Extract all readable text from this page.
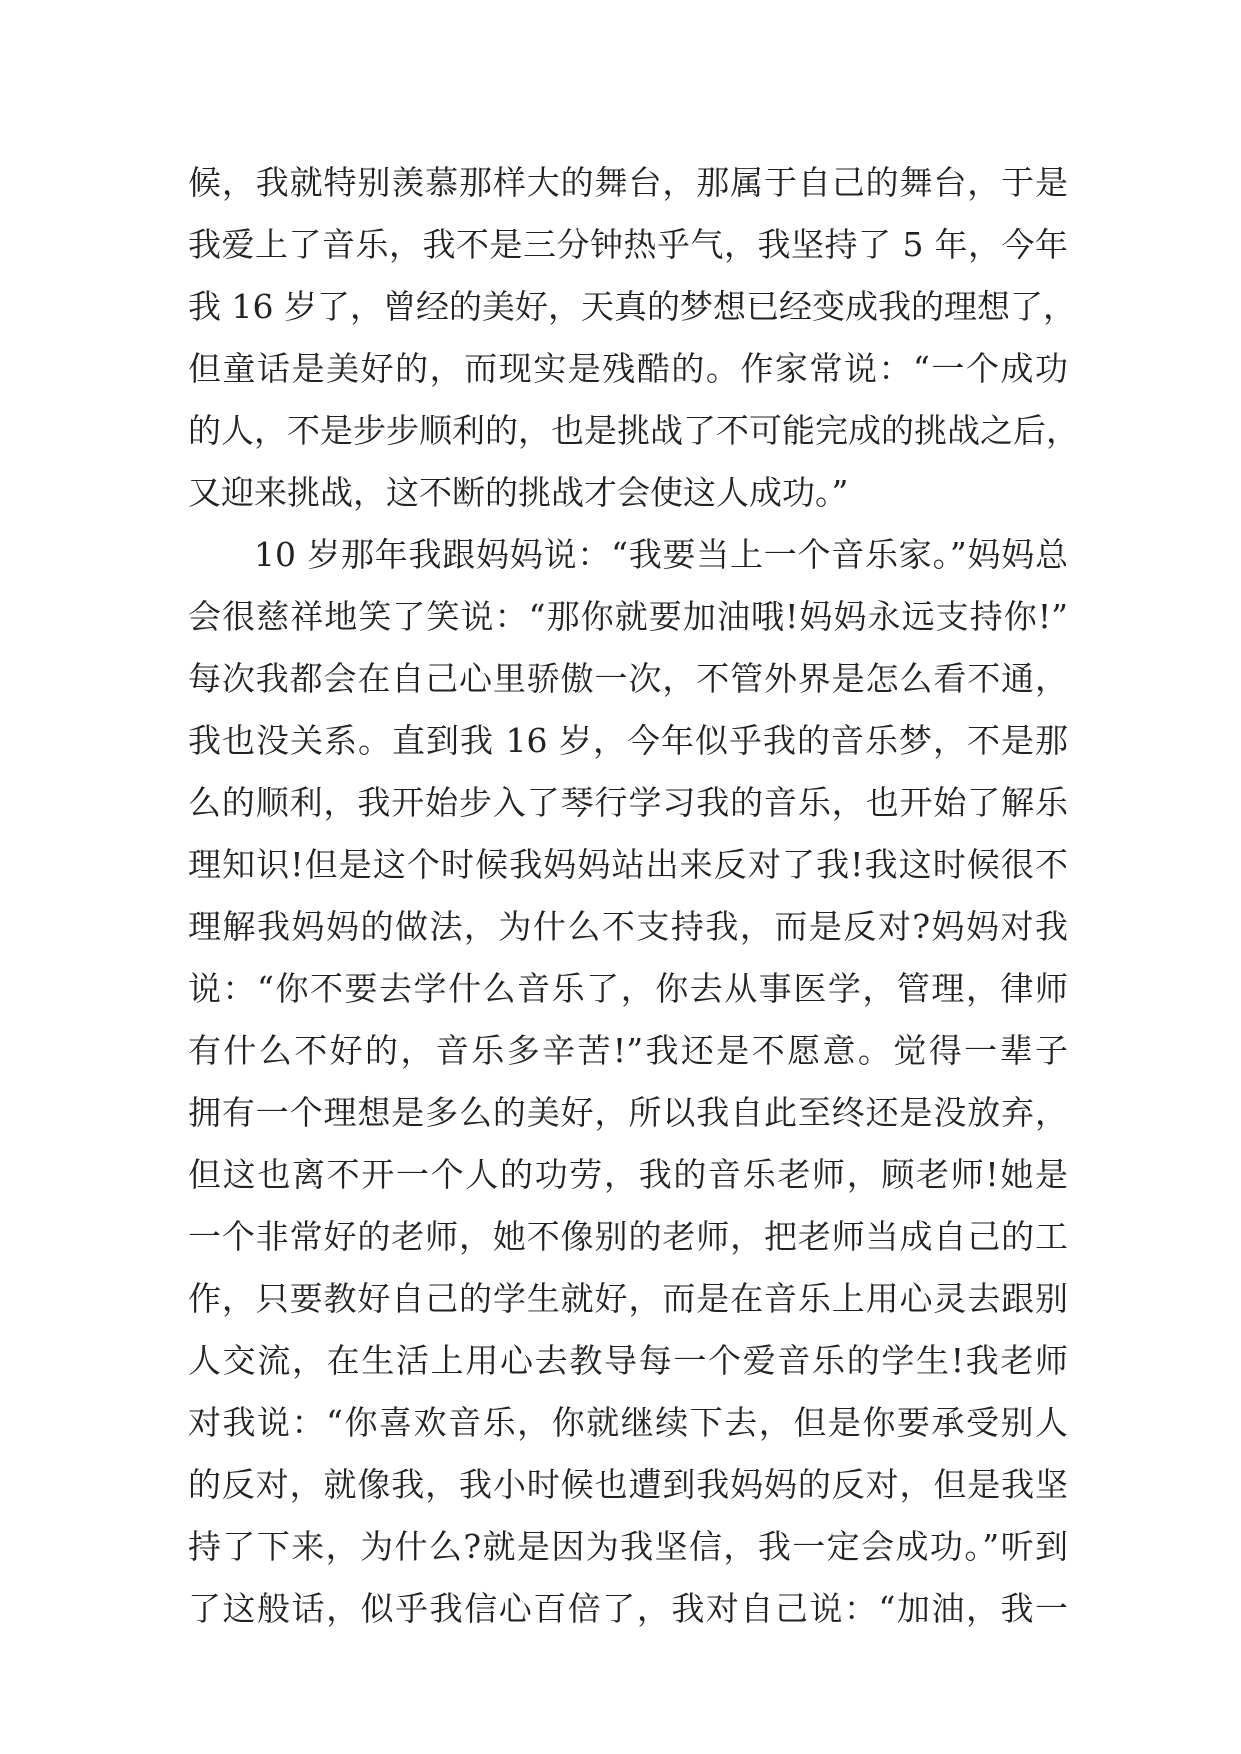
候，我就特别羡慕那样大的舞台，那属于自己的舞台，于是
我爱上了音乐，我不是三分钟热乎气，我坚持了 5 年，今年
我 16 岁了，曾经的美好，天真的梦想已经变成我的理想了，
但童话是美好的，而现实是残酷的。作家常说：“一个成功
的人，不是步步顺利的，也是挑战了不可能完成的挑战之后，
又迎来挑战，这不断的挑战才会使这人成功。”
10 岁那年我跟妈妈说：“我要当上一个音乐家。”妈妈总
会很慈祥地笑了笑说：“那你就要加油哦!妈妈永远支持你!”
每次我都会在自己心里骄傲一次，不管外界是怎么看不通，
我也没关系。直到我 16 岁，今年似乎我的音乐梦，不是那
么的顺利，我开始步入了琴行学习我的音乐，也开始了解乐
理知识!但是这个时候我妈妈站出来反对了我!我这时候很不
理解我妈妈的做法，为什么不支持我，而是反对?妈妈对我
说：“你不要去学什么音乐了，你去从事医学，管理，律师
有什么不好的，音乐多辛苦!”我还是不愿意。觉得一辈子
拥有一个理想是多么的美好，所以我自此至终还是没放弃，
但这也离不开一个人的功劳，我的音乐老师，顾老师!她是
一个非常好的老师，她不像别的老师，把老师当成自己的工
作，只要教好自己的学生就好，而是在音乐上用心灵去跟别
人交流，在生活上用心去教导每一个爱音乐的学生!我老师
对我说：“你喜欢音乐，你就继续下去，但是你要承受别人
的反对，就像我，我小时候也遭到我妈妈的反对，但是我坚
持了下来，为什么?就是因为我坚信，我一定会成功。”听到
了这般话，似乎我信心百倍了，我对自己说：“加油，我一
